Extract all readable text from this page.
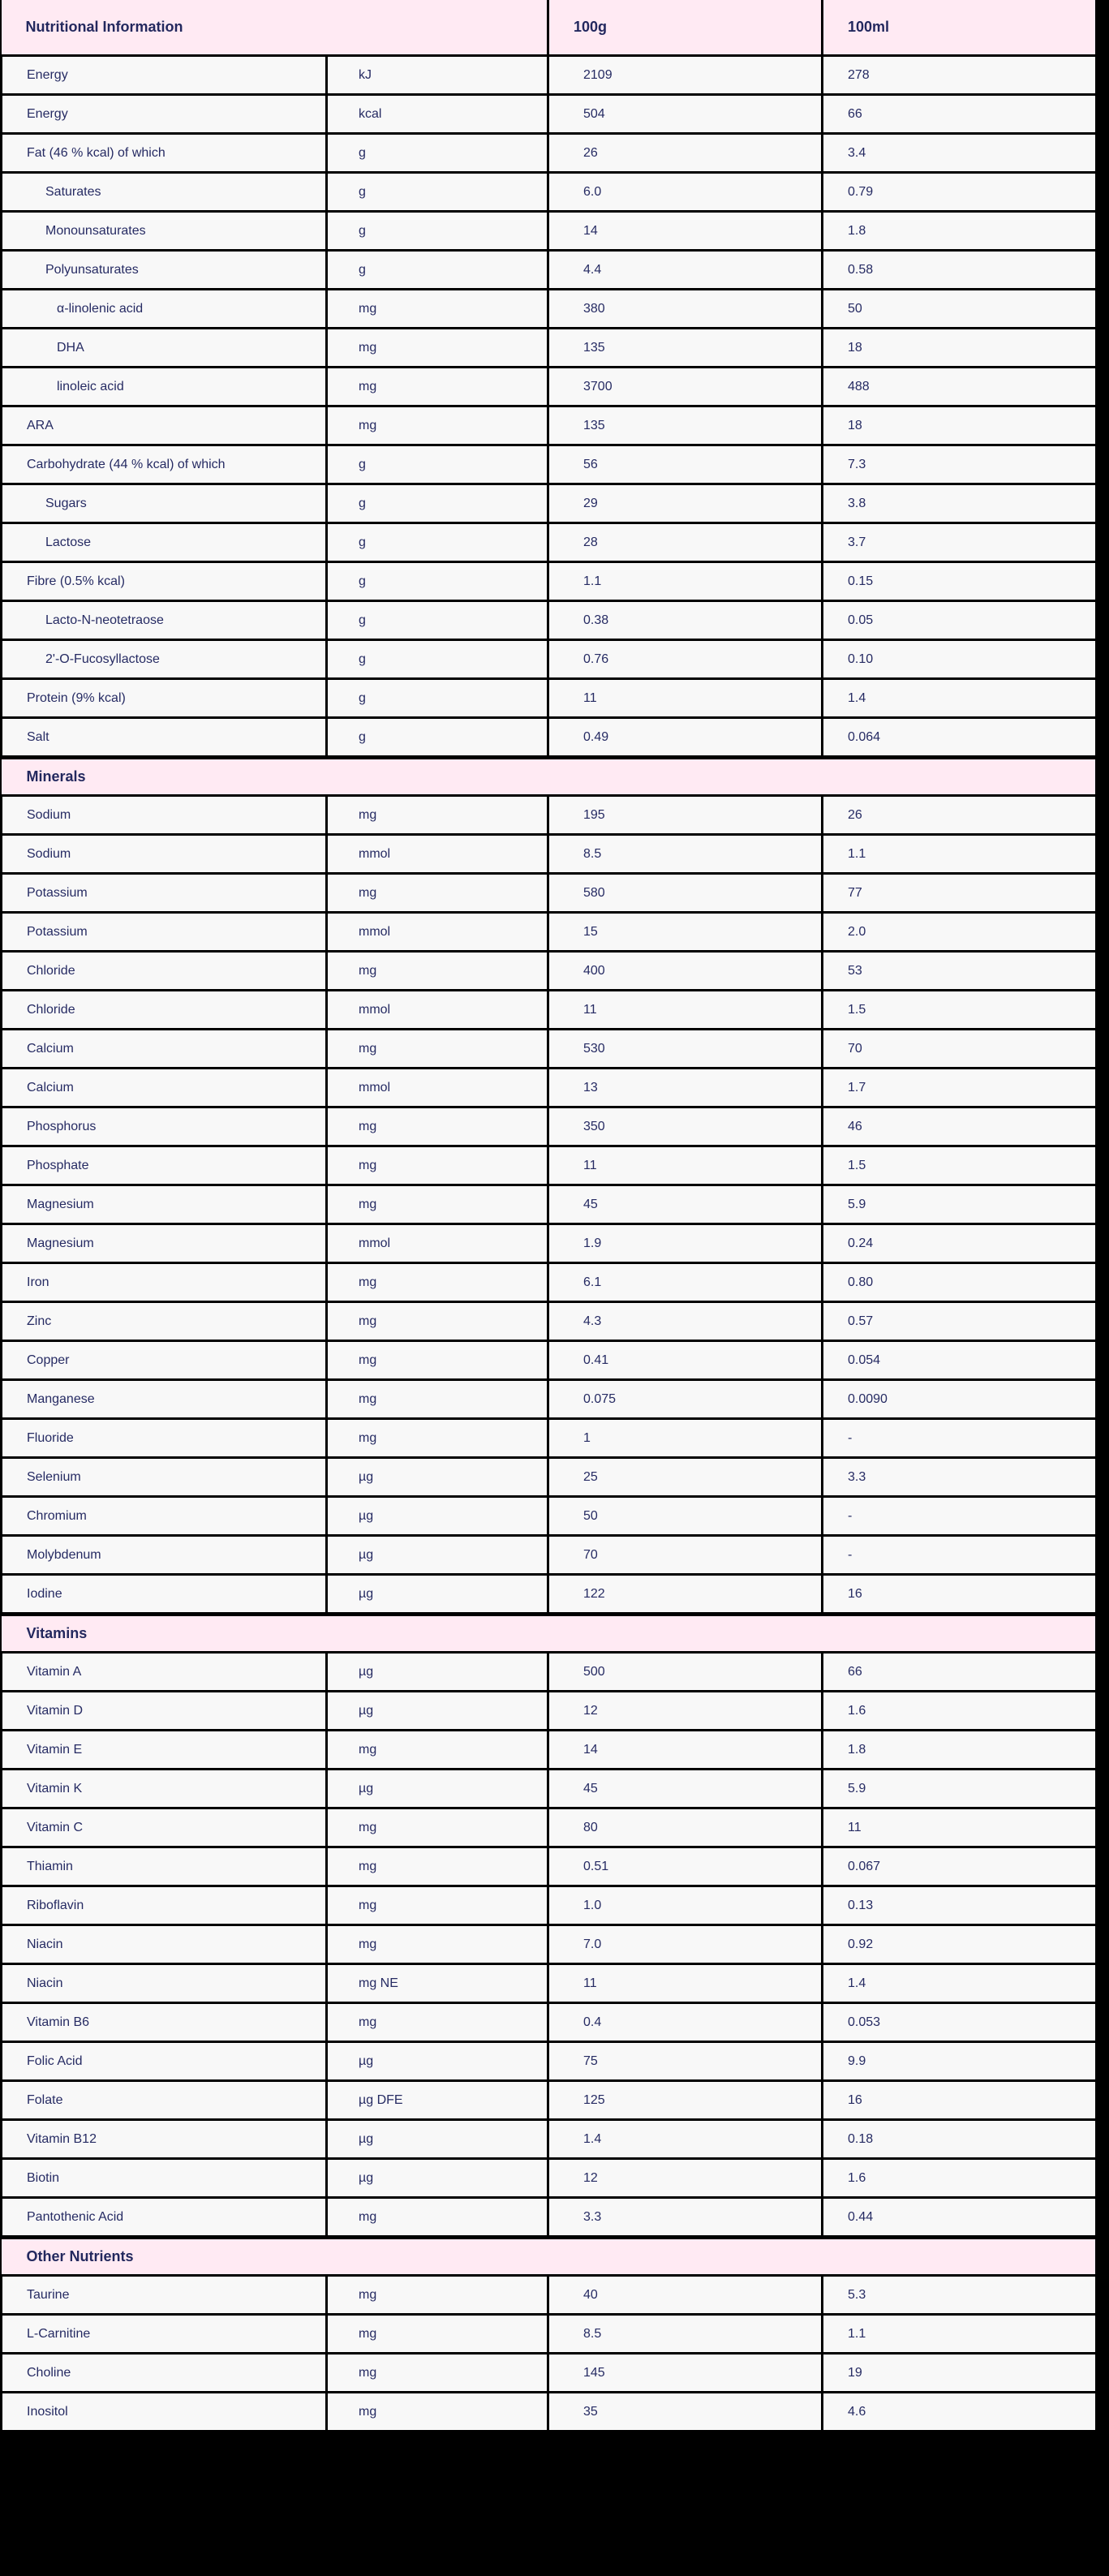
Nutritional Information		100g	100ml
Energy	kJ	2109	278
Energy	kcal	504	66
Fat (46 % kcal) of which	g	26	3.4
Saturates	g	6.0	0.79
Monounsaturates	g	14	1.8
Polyunsaturates	g	4.4	0.58
α-linolenic acid	mg	380	50
DHA	mg	135	18
linoleic acid	mg	3700	488
ARA	mg	135	18
Carbohydrate (44 % kcal) of which	g	56	7.3
Sugars	g	29	3.8
Lactose	g	28	3.7
Fibre (0.5% kcal)	g	1.1	0.15
Lacto-N-neotetraose	g	0.38	0.05
2'-O-Fucosyllactose	g	0.76	0.10
Protein (9% kcal)	g	11	1.4
Salt	g	0.49	0.064
Minerals			
Sodium	mg	195	26
Sodium	mmol	8.5	1.1
Potassium	mg	580	77
Potassium	mmol	15	2.0
Chloride	mg	400	53
Chloride	mmol	11	1.5
Calcium	mg	530	70
Calcium	mmol	13	1.7
Phosphorus	mg	350	46
Phosphate	mg	11	1.5
Magnesium	mg	45	5.9
Magnesium	mmol	1.9	0.24
Iron	mg	6.1	0.80
Zinc	mg	4.3	0.57
Copper	mg	0.41	0.054
Manganese	mg	0.075	0.0090
Fluoride	mg	1	-
Selenium	µg	25	3.3
Chromium	µg	50	-
Molybdenum	µg	70	-
Iodine	µg	122	16
Vitamins			
Vitamin A	µg	500	66
Vitamin D	µg	12	1.6
Vitamin E	mg	14	1.8
Vitamin K	µg	45	5.9
Vitamin C	mg	80	11
Thiamin	mg	0.51	0.067
Riboflavin	mg	1.0	0.13
Niacin	mg	7.0	0.92
Niacin	mg NE	11	1.4
Vitamin B6	mg	0.4	0.053
Folic Acid	µg	75	9.9
Folate	µg DFE	125	16
Vitamin B12	µg	1.4	0.18
Biotin	µg	12	1.6
Pantothenic Acid	mg	3.3	0.44
Other Nutrients			
Taurine	mg	40	5.3
L-Carnitine	mg	8.5	1.1
Choline	mg	145	19
Inositol	mg	35	4.6
